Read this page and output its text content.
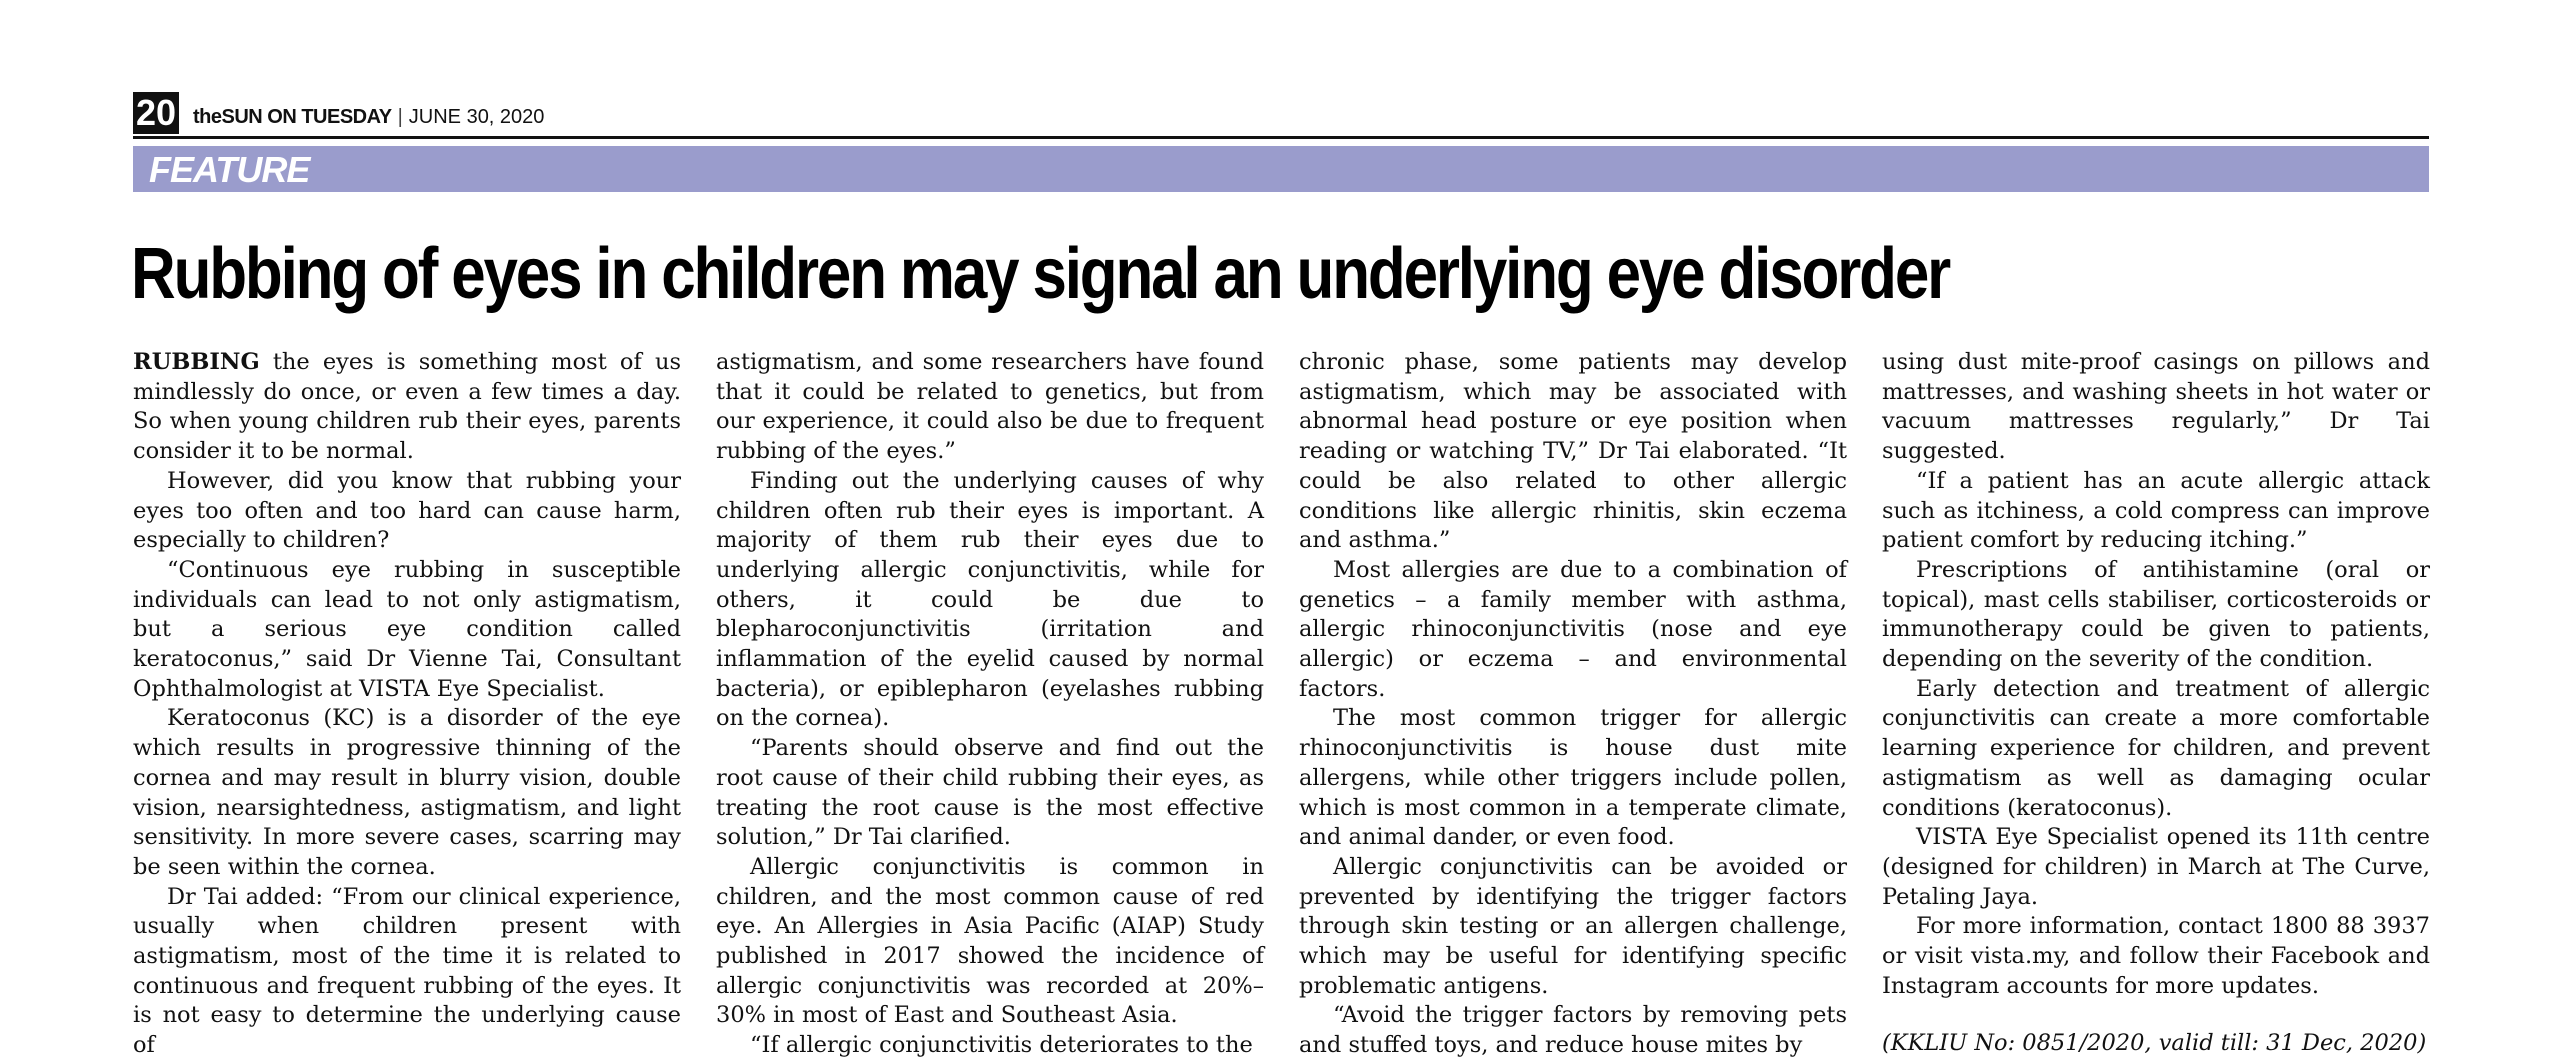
20 theSUN ON TUESDAY | JUNE 30, 2020
FEATURE
Rubbing of eyes in children may signal an underlying eye disorder

RUBBING the eyes is something most of us mindlessly do once, or even a few times a day. So when young children rub their eyes, parents consider it to be normal.

However, did you know that rubbing your eyes too often and too hard can cause harm, especially to children?

“Continuous eye rubbing in susceptible individuals can lead to not only astigmatism, but a serious eye condition called keratoconus,” said Dr Vienne Tai, Consultant Ophthalmologist at VISTA Eye Specialist.

Keratoconus (KC) is a disorder of the eye which results in progressive thinning of the cornea and may result in blurry vision, double vision, nearsightedness, astigmatism, and light sensitivity. In more severe cases, scarring may be seen within the cornea.

Dr Tai added: “From our clinical experience, usually when children present with astigmatism, most of the time it is related to continuous and frequent rubbing of the eyes. It is not easy to determine the underlying cause of

astigmatism, and some researchers have found that it could be related to genetics, but from our experience, it could also be due to frequent rubbing of the eyes.”

Finding out the underlying causes of why children often rub their eyes is important. A majority of them rub their eyes due to underlying allergic conjunctivitis, while for others, it could be due to blepharoconjunctivitis (irritation and inflammation of the eyelid caused by normal bacteria), or epiblepharon (eyelashes rubbing on the cornea).

“Parents should observe and find out the root cause of their child rubbing their eyes, as treating the root cause is the most effective solution,” Dr Tai clarified.

Allergic conjunctivitis is common in children, and the most common cause of red eye. An Allergies in Asia Pacific (AIAP) Study published in 2017 showed the incidence of allergic conjunctivitis was recorded at 20%–30% in most of East and Southeast Asia.

“If allergic conjunctivitis deteriorates to the

chronic phase, some patients may develop astigmatism, which may be associated with abnormal head posture or eye position when reading or watching TV,” Dr Tai elaborated. “It could be also related to other allergic conditions like allergic rhinitis, skin eczema and asthma.”

Most allergies are due to a combination of genetics – a family member with asthma, allergic rhinoconjunctivitis (nose and eye allergic) or eczema – and environmental factors.

The most common trigger for allergic rhinoconjunctivitis is house dust mite allergens, while other triggers include pollen, which is most common in a temperate climate, and animal dander, or even food.

Allergic conjunctivitis can be avoided or prevented by identifying the trigger factors through skin testing or an allergen challenge, which may be useful for identifying specific problematic antigens.

“Avoid the trigger factors by removing pets and stuffed toys, and reduce house mites by

using dust mite-proof casings on pillows and mattresses, and washing sheets in hot water or vacuum mattresses regularly,” Dr Tai suggested.

“If a patient has an acute allergic attack such as itchiness, a cold compress can improve patient comfort by reducing itching.”

Prescriptions of antihistamine (oral or topical), mast cells stabiliser, corticosteroids or immunotherapy could be given to patients, depending on the severity of the condition.

Early detection and treatment of allergic conjunctivitis can create a more comfortable learning experience for children, and prevent astigmatism as well as damaging ocular conditions (keratoconus).

VISTA Eye Specialist opened its 11th centre (designed for children) in March at The Curve, Petaling Jaya.

For more information, contact 1800 88 3937 or visit vista.my, and follow their Facebook and Instagram accounts for more updates.

(KKLIU No: 0851/2020, valid till: 31 Dec, 2020)
